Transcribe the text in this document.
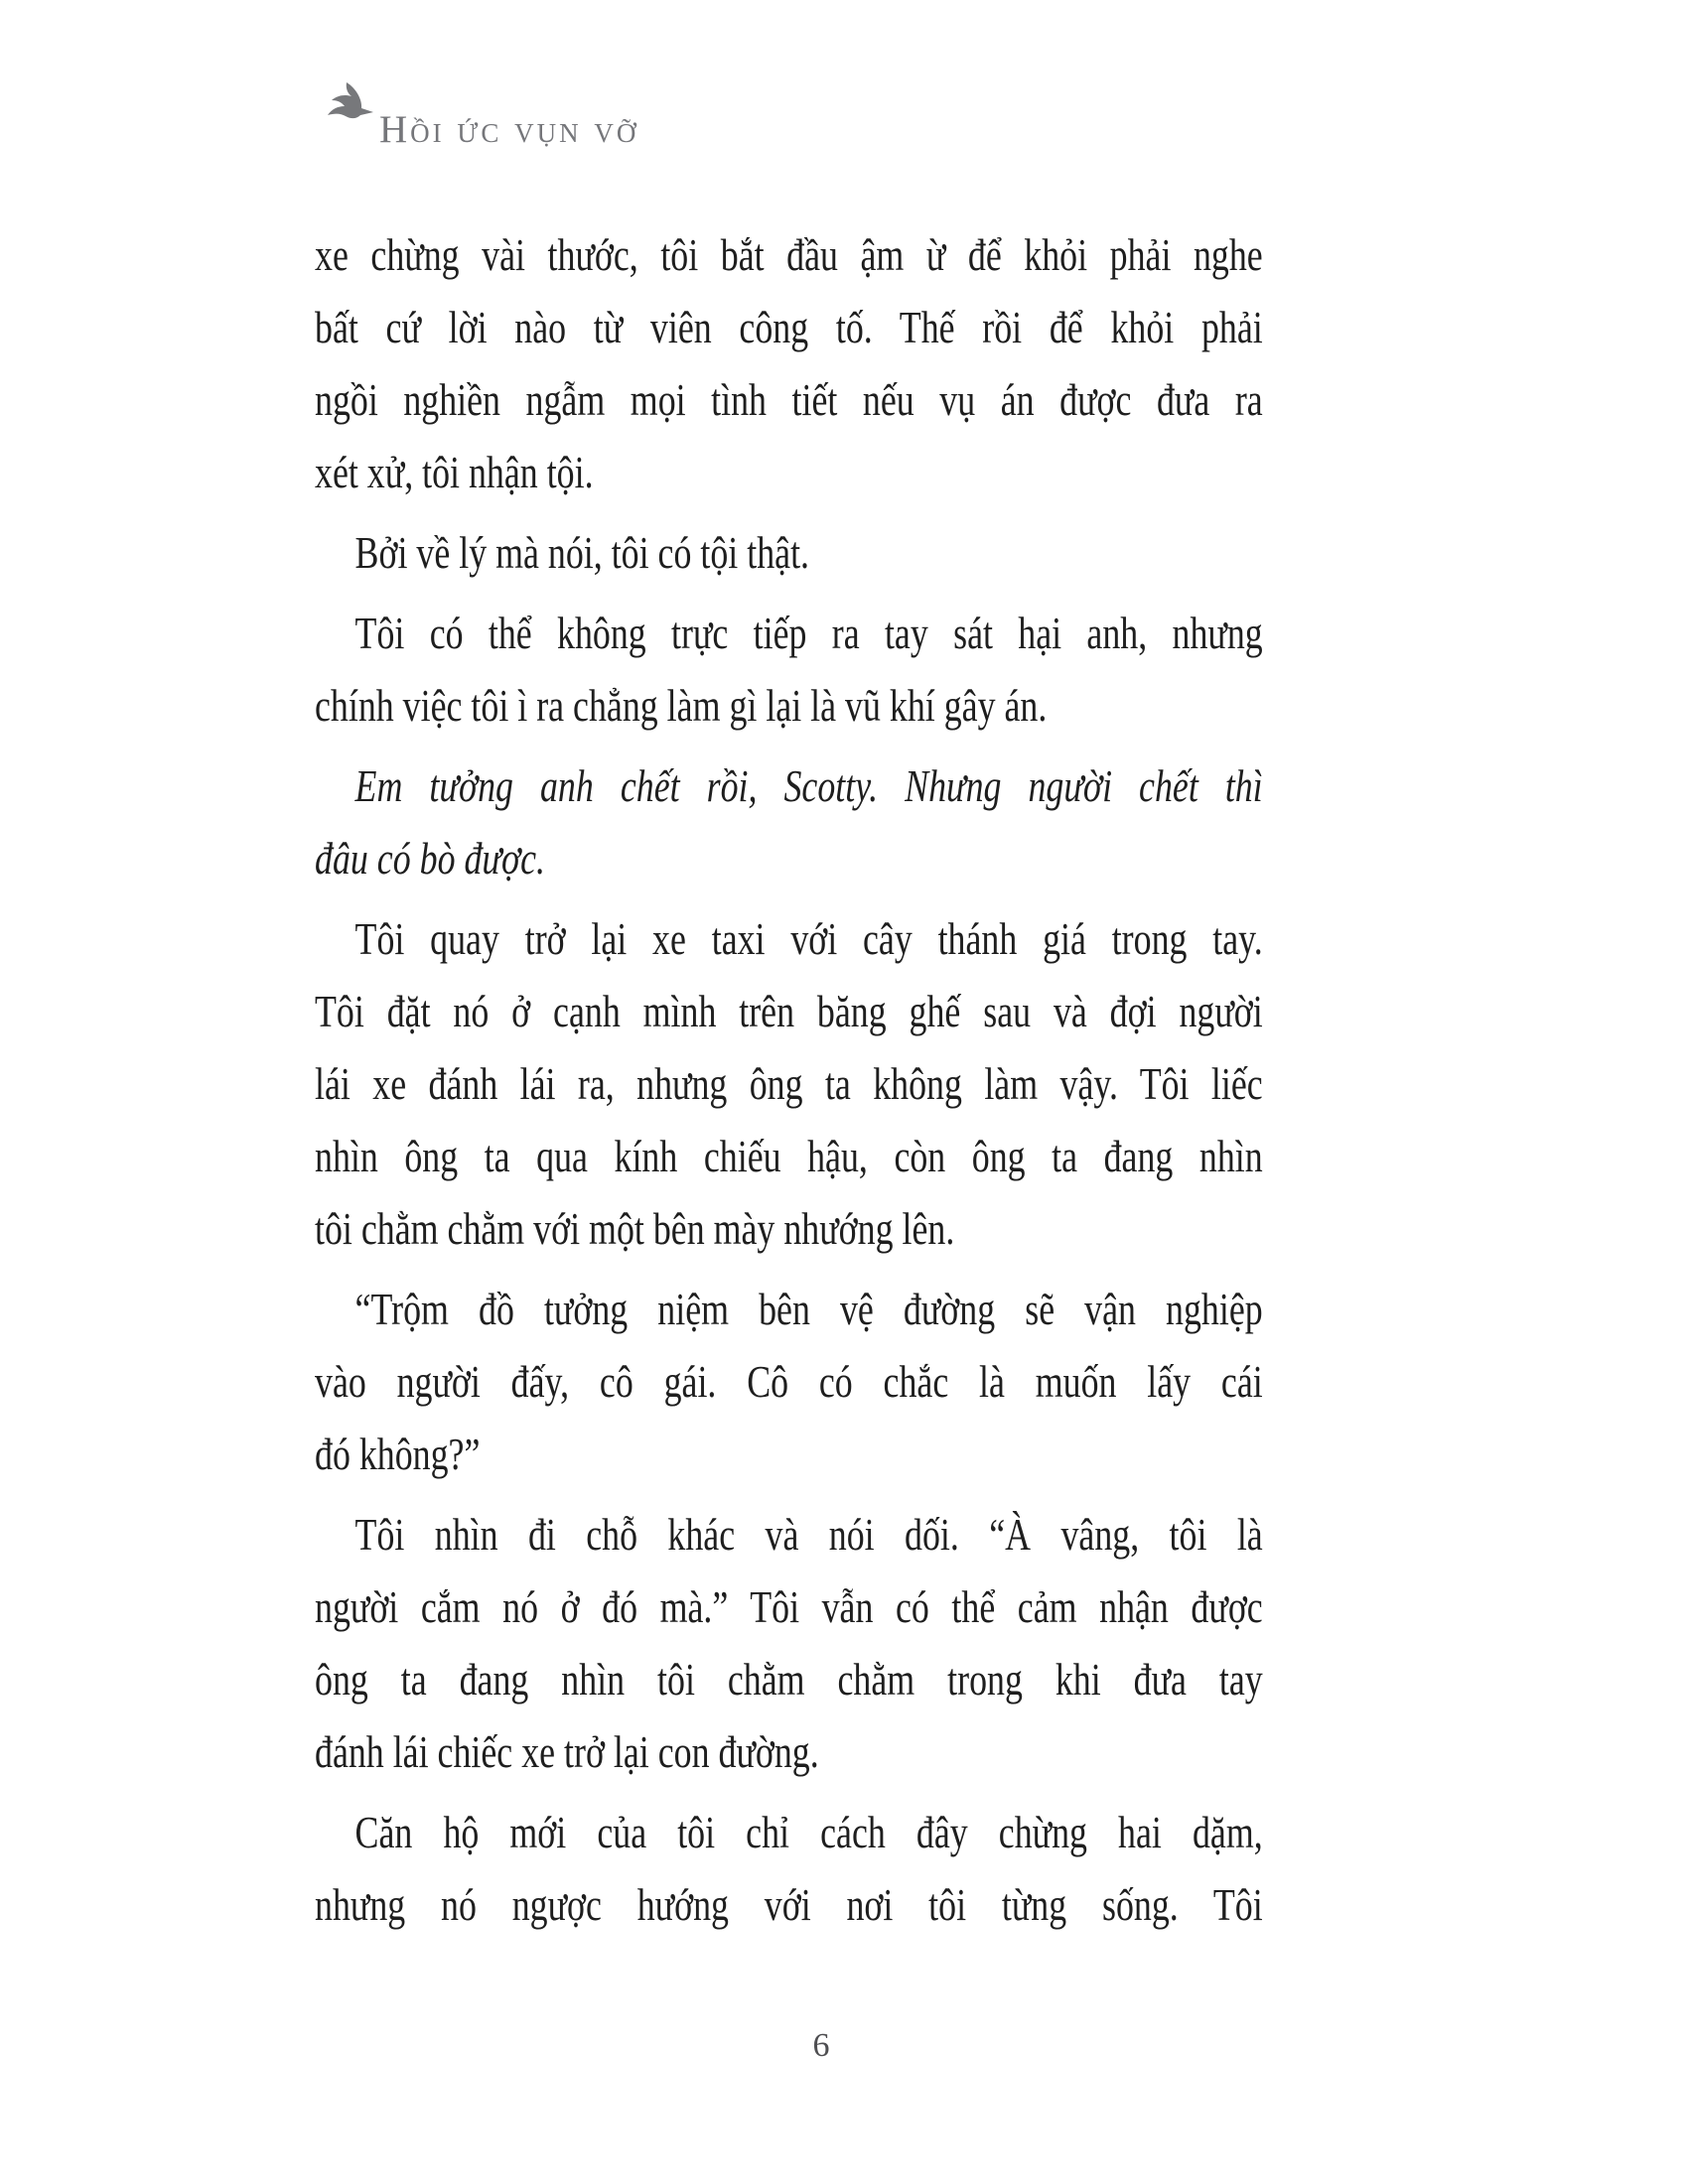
Hồi ức vụn vỡ
xe chừng vài thước, tôi bắt đầu ậm ừ để khỏi phải nghe
bất cứ lời nào từ viên công tố. Thế rồi để khỏi phải
ngồi nghiền ngẫm mọi tình tiết nếu vụ án được đưa ra
xét xử, tôi nhận tội.
Bởi về lý mà nói, tôi có tội thật.
Tôi có thể không trực tiếp ra tay sát hại anh, nhưng
chính việc tôi ì ra chẳng làm gì lại là vũ khí gây án.
Em tưởng anh chết rồi, Scotty. Nhưng người chết thì
đâu có bò được.
Tôi quay trở lại xe taxi với cây thánh giá trong tay.
Tôi đặt nó ở cạnh mình trên băng ghế sau và đợi người
lái xe đánh lái ra, nhưng ông ta không làm vậy. Tôi liếc
nhìn ông ta qua kính chiếu hậu, còn ông ta đang nhìn
tôi chằm chằm với một bên mày nhướng lên.
“Trộm đồ tưởng niệm bên vệ đường sẽ vận nghiệp
vào người đấy, cô gái. Cô có chắc là muốn lấy cái
đó không?”
Tôi nhìn đi chỗ khác và nói dối. “À vâng, tôi là
người cắm nó ở đó mà.” Tôi vẫn có thể cảm nhận được
ông ta đang nhìn tôi chằm chằm trong khi đưa tay
đánh lái chiếc xe trở lại con đường.
Căn hộ mới của tôi chỉ cách đây chừng hai dặm,
nhưng nó ngược hướng với nơi tôi từng sống. Tôi
6
